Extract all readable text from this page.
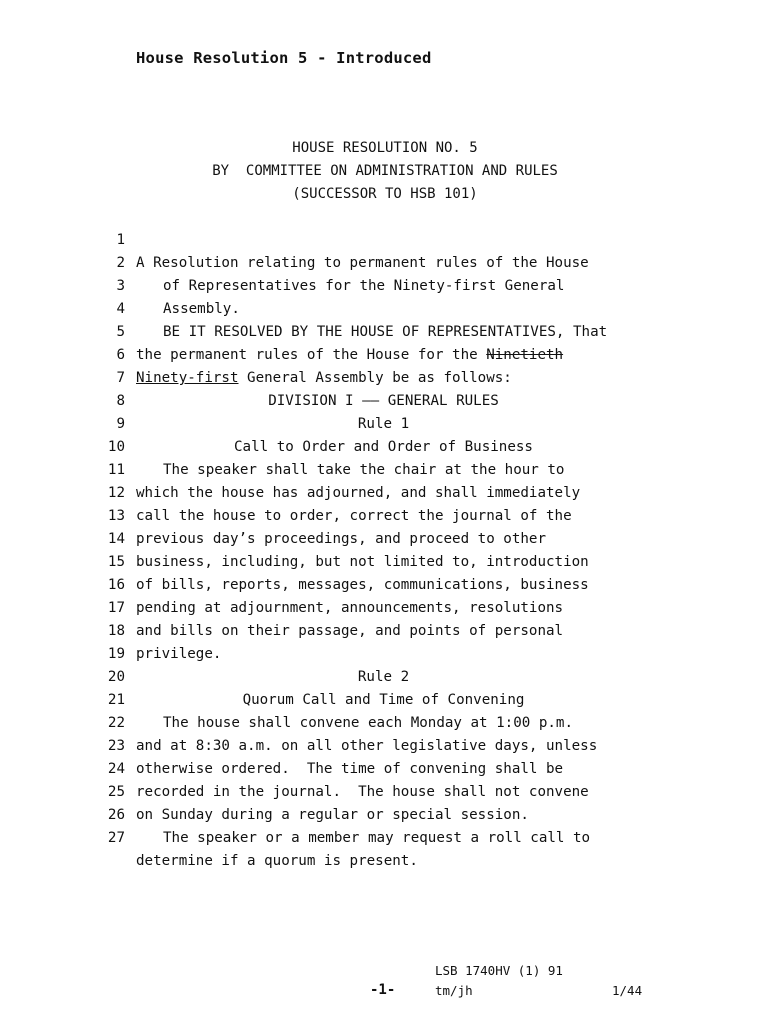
House Resolution 5 - Introduced
HOUSE RESOLUTION NO. 5
BY  COMMITTEE ON ADMINISTRATION AND RULES
(SUCCESSOR TO HSB 101)

1

A Resolution relating to permanent rules of the House

2

of Representatives for the Ninety-first General

3

Assembly.

4

BE IT RESOLVED BY THE HOUSE OF REPRESENTATIVES, That

5

the permanent rules of the House for the Ninetieth

6

Ninety-first General Assembly be as follows:

7

DIVISION I —— GENERAL RULES

8

Rule 1

9

Call to Order and Order of Business

10

The speaker shall take the chair at the hour to

11

which the house has adjourned, and shall immediately

12

call the house to order, correct the journal of the

13

previous day’s proceedings, and proceed to other

14

business, including, but not limited to, introduction

15

of bills, reports, messages, communications, business

16

pending at adjournment, announcements, resolutions

17

and bills on their passage, and points of personal

18

privilege.

19

Rule 2

20

Quorum Call and Time of Convening

21

The house shall convene each Monday at 1:00 p.m.

22

and at 8:30 a.m. on all other legislative days, unless

23

otherwise ordered.  The time of convening shall be

24

recorded in the journal.  The house shall not convene

25

on Sunday during a regular or special session.

26

The speaker or a member may request a roll call to

27

determine if a quorum is present.

LSB 1740HV (1) 91
-1-	tm/jh	1/44
